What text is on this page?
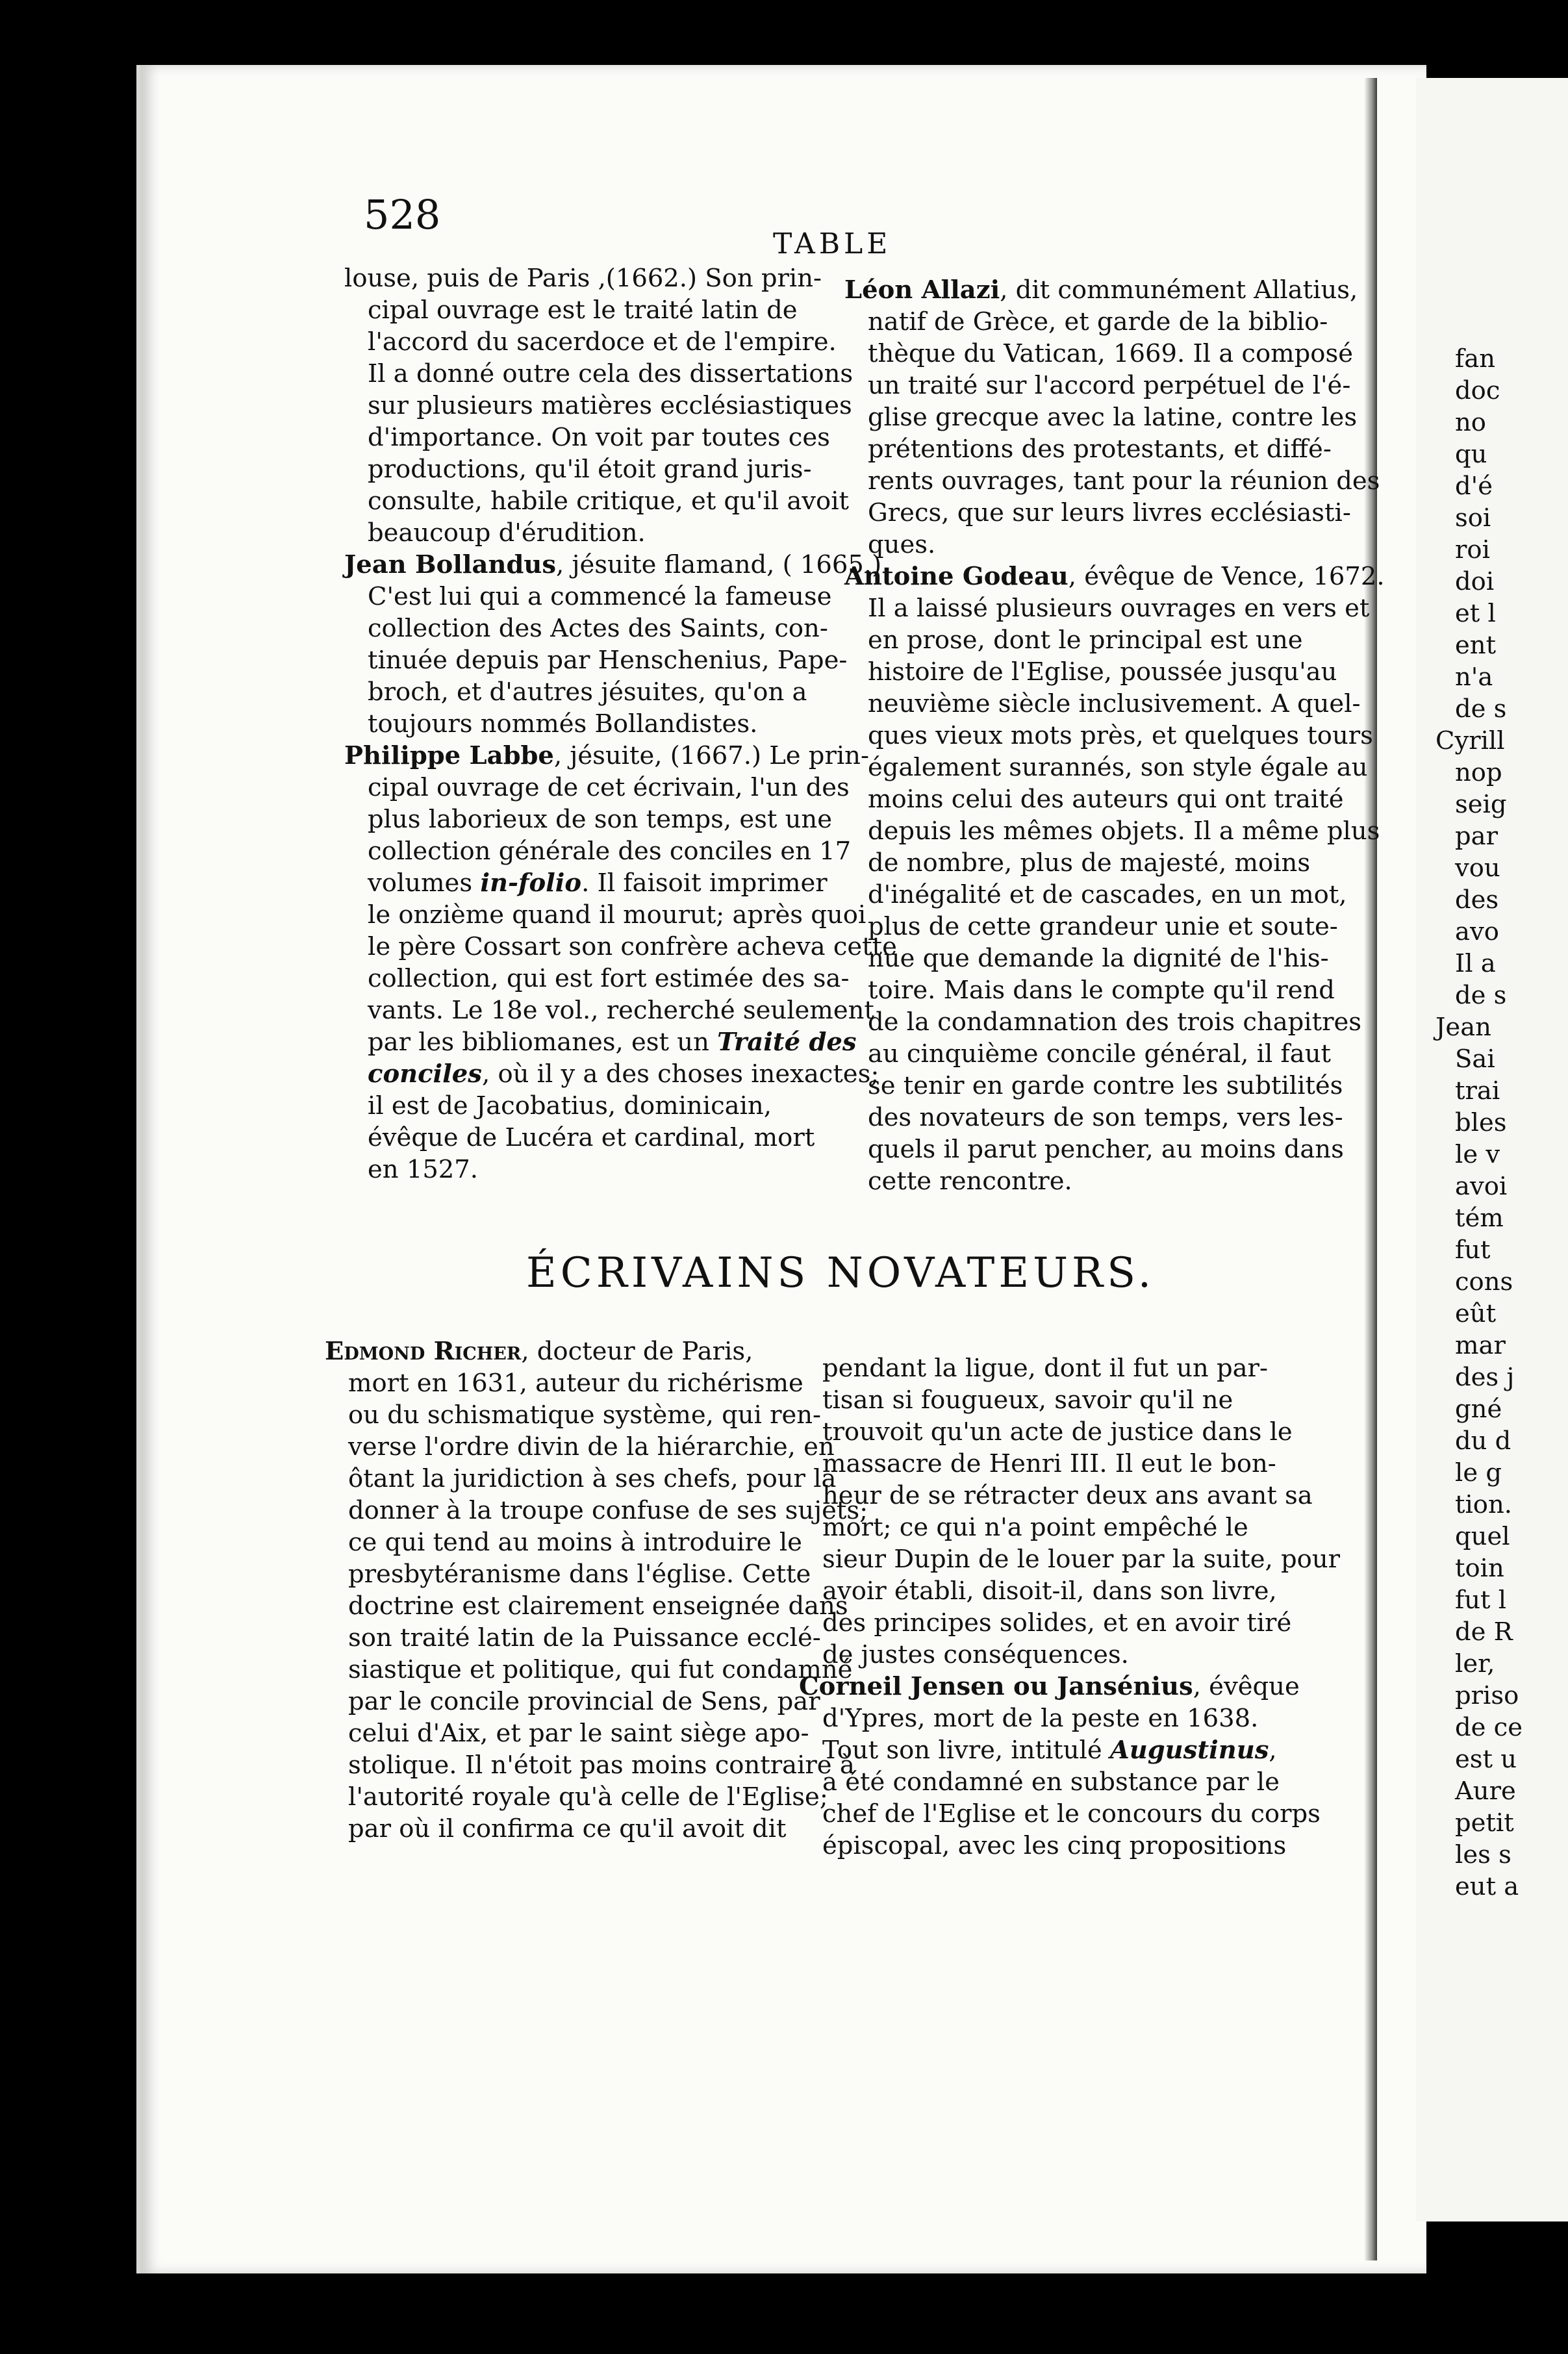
fan
doc
no
qu
d'é
soi
roi
doi
et l
ent
n'a
de s
Cyrill
nop
seig
par
vou
des
avo
Il a
de s
Jean
Sai
trai
bles
le v
avoi
tém
fut
cons
eût
mar
des j
gné
du d
le g
tion.
quel
toin
fut l
de R
ler,
priso
de ce
est u
Aure
petit
les s
eut a
528
TABLE
louse, puis de Paris ,(1662.) Son prin-
cipal ouvrage est le traité latin de
l'accord du sacerdoce et de l'empire.
Il a donné outre cela des dissertations
sur plusieurs matières ecclésiastiques
d'importance. On voit par toutes ces
productions, qu'il étoit grand juris-
consulte, habile critique, et qu'il avoit
beaucoup d'érudition.
Jean Bollandus, jésuite flamand, ( 1665.)
C'est lui qui a commencé la fameuse
collection des Actes des Saints, con-
tinuée depuis par Henschenius, Pape-
broch, et d'autres jésuites, qu'on a
toujours nommés Bollandistes.
Philippe Labbe, jésuite, (1667.) Le prin-
cipal ouvrage de cet écrivain, l'un des
plus laborieux de son temps, est une
collection générale des conciles en 17
volumes in-folio. Il faisoit imprimer
le onzième quand il mourut; après quoi
le père Cossart son confrère acheva cette
collection, qui est fort estimée des sa-
vants. Le 18e vol., recherché seulement
par les bibliomanes, est un Traité des
conciles, où il y a des choses inexactes;
il est de Jacobatius, dominicain,
évêque de Lucéra et cardinal, mort
en 1527.
Léon Allazi, dit communément Allatius,
natif de Grèce, et garde de la biblio-
thèque du Vatican, 1669. Il a composé
un traité sur l'accord perpétuel de l'é-
glise grecque avec la latine, contre les
prétentions des protestants, et diffé-
rents ouvrages, tant pour la réunion des
Grecs, que sur leurs livres ecclésiasti-
ques.
Antoine Godeau, évêque de Vence, 1672.
Il a laissé plusieurs ouvrages en vers et
en prose, dont le principal est une
histoire de l'Eglise, poussée jusqu'au
neuvième siècle inclusivement. A quel-
ques vieux mots près, et quelques tours
également surannés, son style égale au
moins celui des auteurs qui ont traité
depuis les mêmes objets. Il a même plus
de nombre, plus de majesté, moins
d'inégalité et de cascades, en un mot,
plus de cette grandeur unie et soute-
nue que demande la dignité de l'his-
toire. Mais dans le compte qu'il rend
de la condamnation des trois chapitres
au cinquième concile général, il faut
se tenir en garde contre les subtilités
des novateurs de son temps, vers les-
quels il parut pencher, au moins dans
cette rencontre.
ÉCRIVAINS NOVATEURS.
Edmond Richer, docteur de Paris,
mort en 1631, auteur du richérisme
ou du schismatique système, qui ren-
verse l'ordre divin de la hiérarchie, en
ôtant la juridiction à ses chefs, pour la
donner à la troupe confuse de ses sujets;
ce qui tend au moins à introduire le
presbytéranisme dans l'église. Cette
doctrine est clairement enseignée dans
son traité latin de la Puissance ecclé-
siastique et politique, qui fut condamné
par le concile provincial de Sens, par
celui d'Aix, et par le saint siège apo-
stolique. Il n'étoit pas moins contraire à
l'autorité royale qu'à celle de l'Eglise;
par où il confirma ce qu'il avoit dit
pendant la ligue, dont il fut un par-
tisan si fougueux, savoir qu'il ne
trouvoit qu'un acte de justice dans le
massacre de Henri III. Il eut le bon-
heur de se rétracter deux ans avant sa
mort; ce qui n'a point empêché le
sieur Dupin de le louer par la suite, pour
avoir établi, disoit-il, dans son livre,
des principes solides, et en avoir tiré
de justes conséquences.
Corneil Jensen ou Jansénius, évêque
d'Ypres, mort de la peste en 1638.
Tout son livre, intitulé Augustinus,
a été condamné en substance par le
chef de l'Eglise et le concours du corps
épiscopal, avec les cinq propositions
